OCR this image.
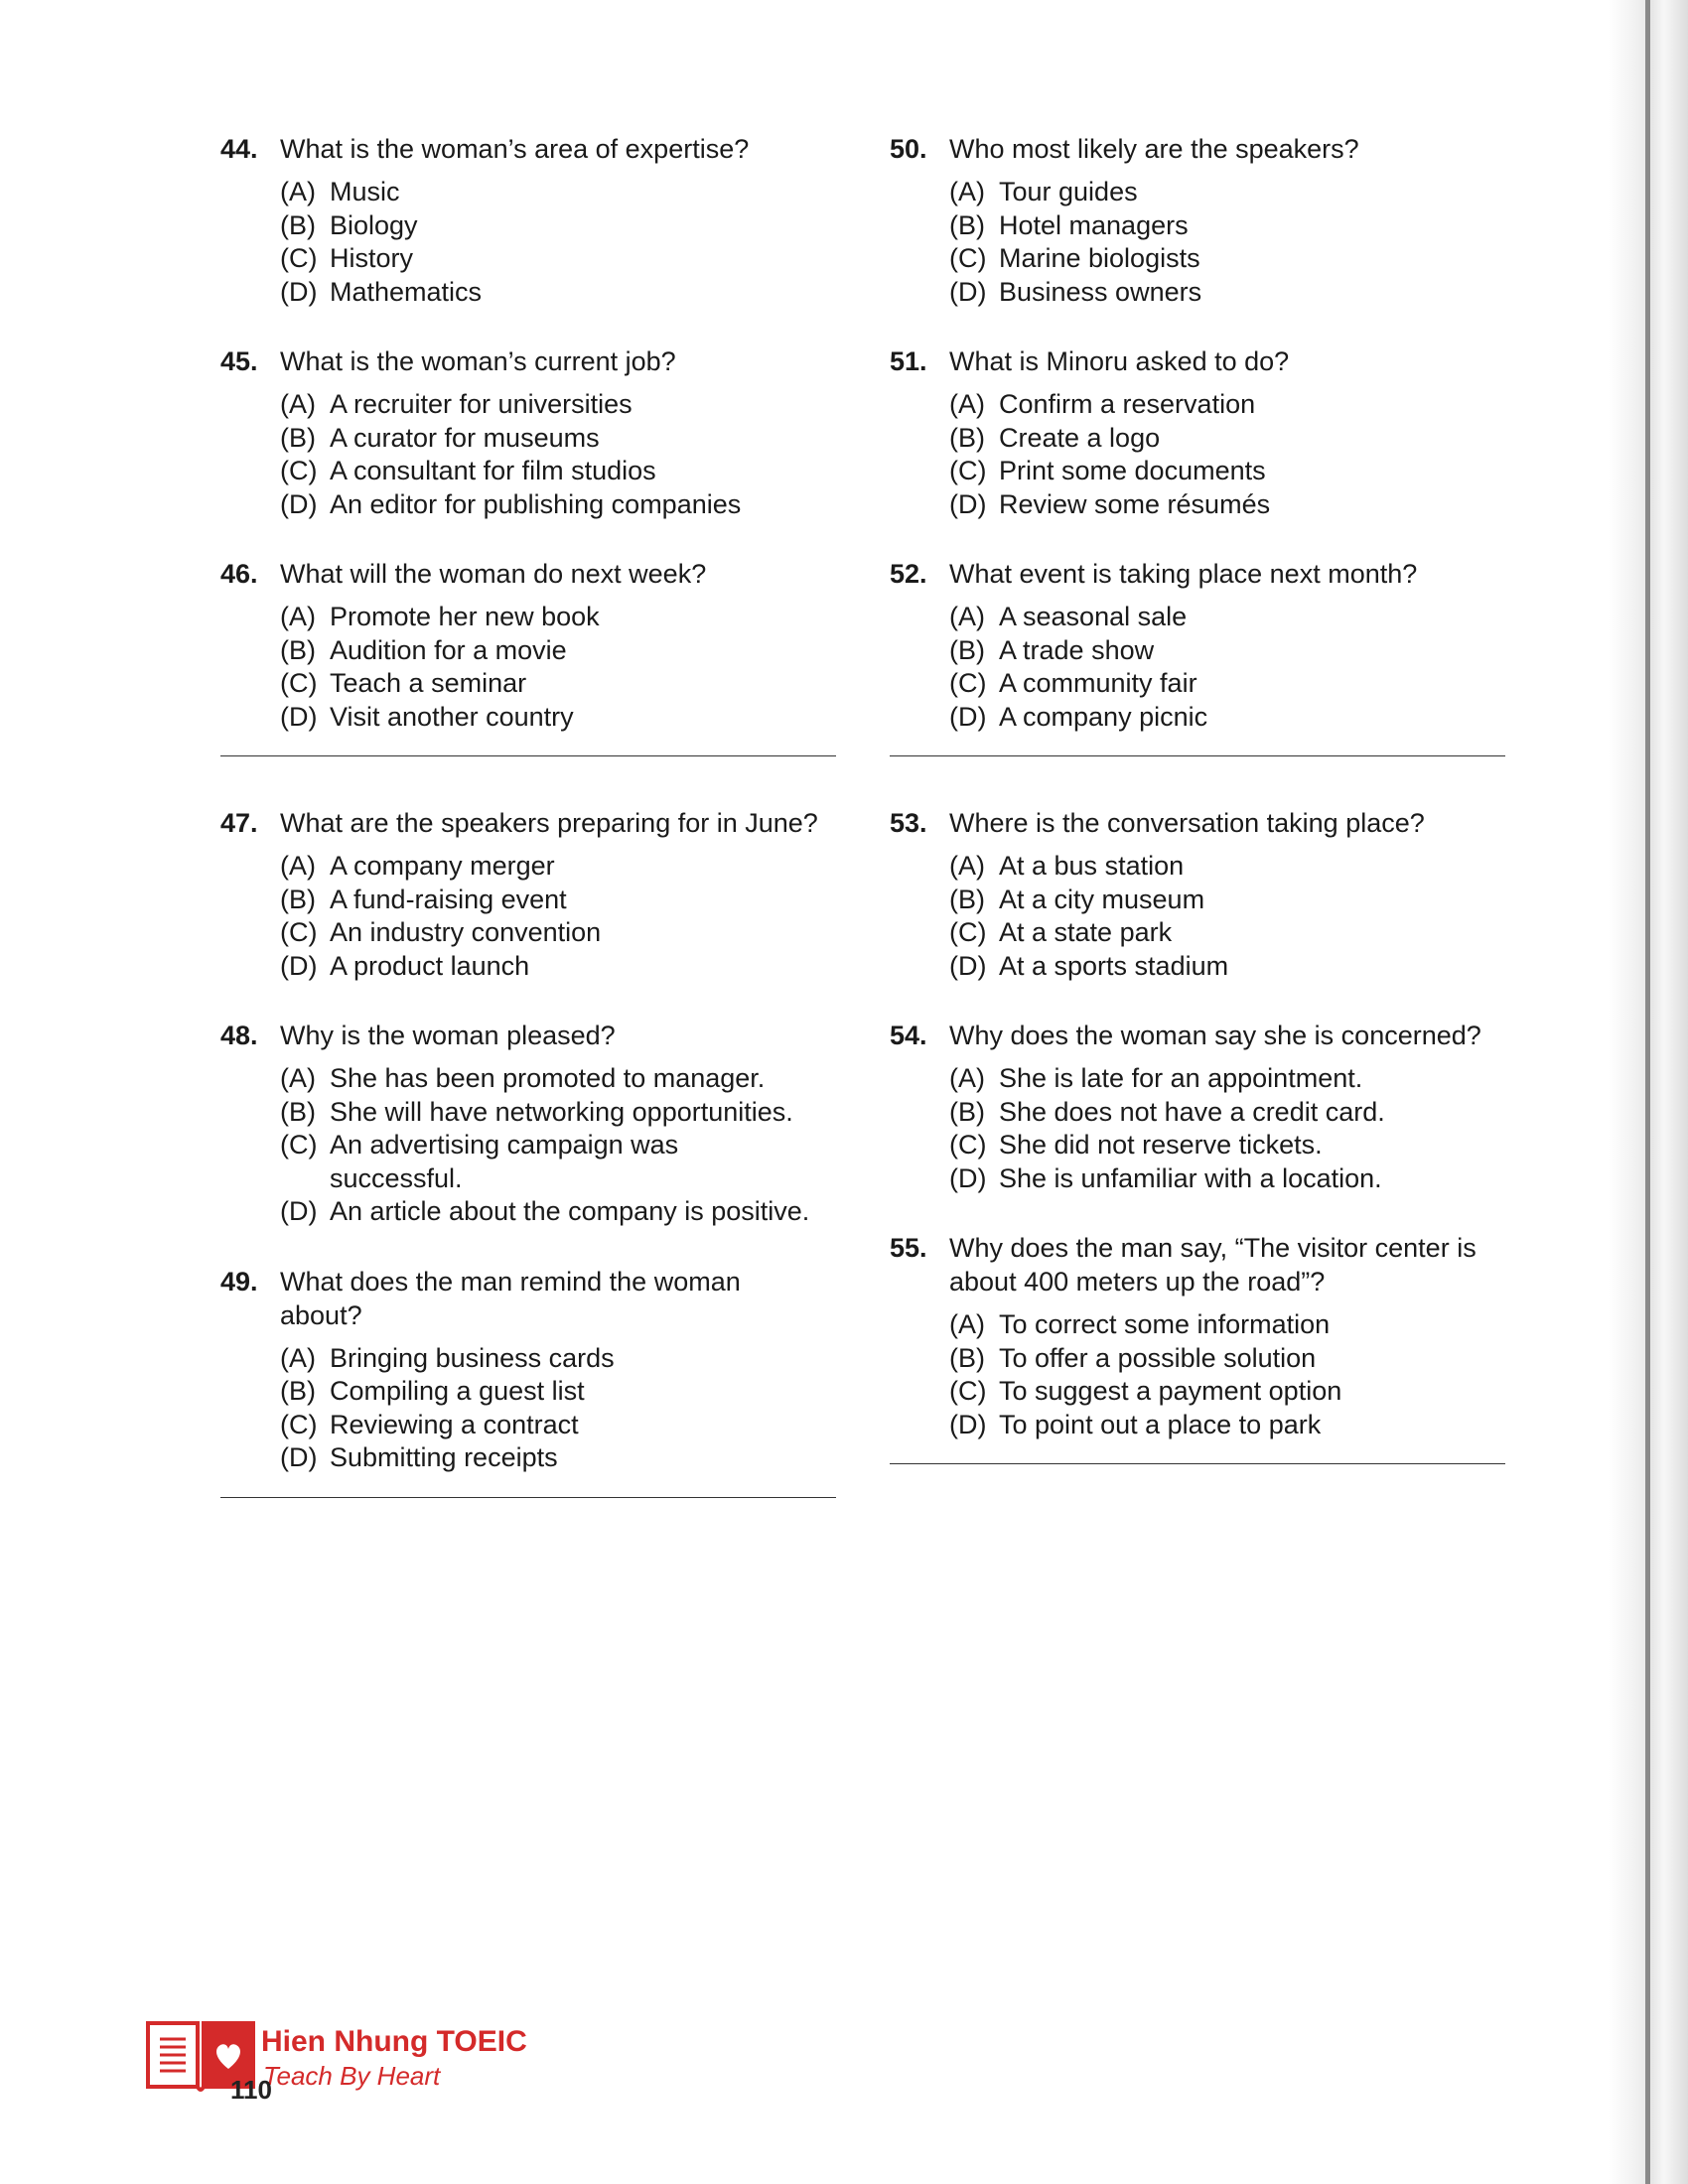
44. What is the woman’s area of expertise?
(A) Music
(B) Biology
(C) History
(D) Mathematics
45. What is the woman’s current job?
(A) A recruiter for universities
(B) A curator for museums
(C) A consultant for film studios
(D) An editor for publishing companies
46. What will the woman do next week?
(A) Promote her new book
(B) Audition for a movie
(C) Teach a seminar
(D) Visit another country
47. What are the speakers preparing for in June?
(A) A company merger
(B) A fund-raising event
(C) An industry convention
(D) A product launch
48. Why is the woman pleased?
(A) She has been promoted to manager.
(B) She will have networking opportunities.
(C) An advertising campaign was successful.
(D) An article about the company is positive.
49. What does the man remind the woman about?
(A) Bringing business cards
(B) Compiling a guest list
(C) Reviewing a contract
(D) Submitting receipts
50. Who most likely are the speakers?
(A) Tour guides
(B) Hotel managers
(C) Marine biologists
(D) Business owners
51. What is Minoru asked to do?
(A) Confirm a reservation
(B) Create a logo
(C) Print some documents
(D) Review some résumés
52. What event is taking place next month?
(A) A seasonal sale
(B) A trade show
(C) A community fair
(D) A company picnic
53. Where is the conversation taking place?
(A) At a bus station
(B) At a city museum
(C) At a state park
(D) At a sports stadium
54. Why does the woman say she is concerned?
(A) She is late for an appointment.
(B) She does not have a credit card.
(C) She did not reserve tickets.
(D) She is unfamiliar with a location.
55. Why does the man say, “The visitor center is about 400 meters up the road”?
(A) To correct some information
(B) To offer a possible solution
(C) To suggest a payment option
(D) To point out a place to park
Hien Nhung TOEIC
Teach By Heart
110
